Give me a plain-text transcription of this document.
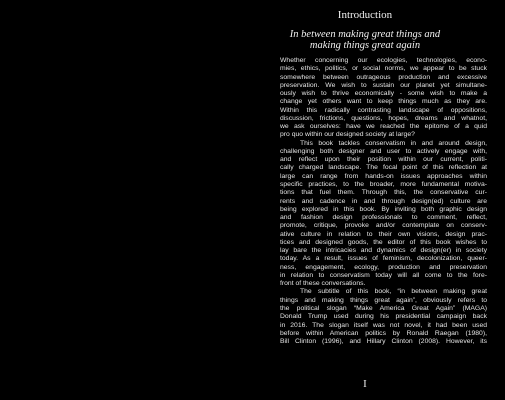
Introduction
In between making great things and
making things great again
Whether concerning our ecologies, technologies, econo-
mies, ethics, politics, or social norms, we appear to be stuck
somewhere between outrageous production and excessive
preservation. We wish to sustain our planet yet simultane-
ously wish to thrive economically - some wish to make a
change yet others want to keep things much as they are.
Within this radically contrasting landscape of oppositions,
discussion, frictions, questions, hopes, dreams and whatnot,
we ask ourselves: have we reached the epitome of a quid
pro quo within our designed society at large?
This book tackles conservatism in and around design,
challenging both designer and user to actively engage with,
and reflect upon their position within our current, politi-
cally charged landscape. The focal point of this reflection at
large can range from hands-on issues approaches within
specific practices, to the broader, more fundamental motiva-
tions that fuel them. Through this, the conservative cur-
rents and cadence in and through design(ed) culture are
being explored in this book. By inviting both graphic design
and fashion design professionals to comment, reflect,
promote, critique, provoke and/or contemplate on conserv-
ative culture in relation to their own visions, design prac-
tices and designed goods, the editor of this book wishes to
lay bare the intricacies and dynamics of design(er) in society
today. As a result, issues of feminism, decolonization, queer-
ness, engagement, ecology, production and preservation
in relation to conservatism today will all come to the fore-
front of these conversations.
The subtitle of this book, “in between making great
things and making things great again”, obviously refers to
the political slogan “Make America Great Again” (MAGA)
Donald Trump used during his presidential campaign back
in 2016. The slogan itself was not novel, it had been used
before within American politics by Ronald Raegan (1980),
Bill Clinton (1996), and Hillary Clinton (2008). However, its
I
